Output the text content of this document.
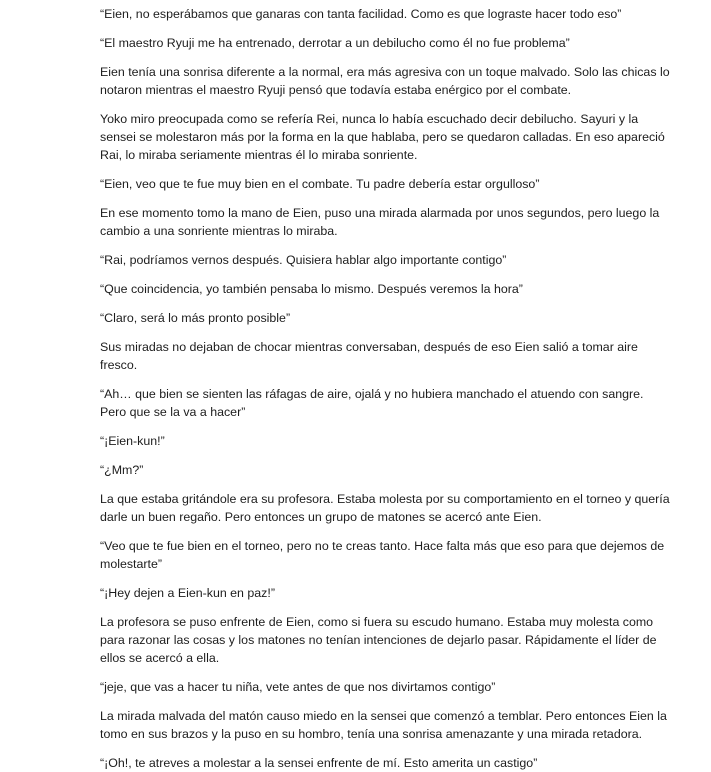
“Eien, no esperábamos que ganaras con tanta facilidad. Como es que lograste hacer todo eso”

“El maestro Ryuji me ha entrenado, derrotar a un debilucho como él no fue problema”

Eien tenía una sonrisa diferente a la normal, era más agresiva con un toque malvado. Solo las chicas lo notaron mientras el maestro Ryuji pensó que todavía estaba enérgico por el combate.

Yoko miro preocupada como se refería Rei, nunca lo había escuchado decir debilucho. Sayuri y la sensei se molestaron más por la forma en la que hablaba, pero se quedaron calladas. En eso apareció Rai, lo miraba seriamente mientras él lo miraba sonriente.

“Eien, veo que te fue muy bien en el combate. Tu padre debería estar orgulloso”

En ese momento tomo la mano de Eien, puso una mirada alarmada por unos segundos, pero luego la cambio a una sonriente mientras lo miraba.

“Rai, podríamos vernos después. Quisiera hablar algo importante contigo”

“Que coincidencia, yo también pensaba lo mismo. Después veremos la hora”

“Claro, será lo más pronto posible”

Sus miradas no dejaban de chocar mientras conversaban, después de eso Eien salió a tomar aire fresco.

“Ah… que bien se sienten las ráfagas de aire, ojalá y no hubiera manchado el atuendo con sangre. Pero que se la va a hacer”

“¡Eien-kun!”

“¿Mm?”

La que estaba gritándole era su profesora. Estaba molesta por su comportamiento en el torneo y quería darle un buen regaño. Pero entonces un grupo de matones se acercó ante Eien.

“Veo que te fue bien en el torneo, pero no te creas tanto. Hace falta más que eso para que dejemos de molestarte”

“¡Hey dejen a Eien-kun en paz!”

La profesora se puso enfrente de Eien, como si fuera su escudo humano. Estaba muy molesta como para razonar las cosas y los matones no tenían intenciones de dejarlo pasar. Rápidamente el líder de ellos se acercó a ella.

“jeje, que vas a hacer tu niña, vete antes de que nos divirtamos contigo”

La mirada malvada del matón causo miedo en la sensei que comenzó a temblar. Pero entonces Eien la tomo en sus brazos y la puso en su hombro, tenía una sonrisa amenazante y una mirada retadora.

“¡Oh!, te atreves a molestar a la sensei enfrente de mí. Esto amerita un castigo”
